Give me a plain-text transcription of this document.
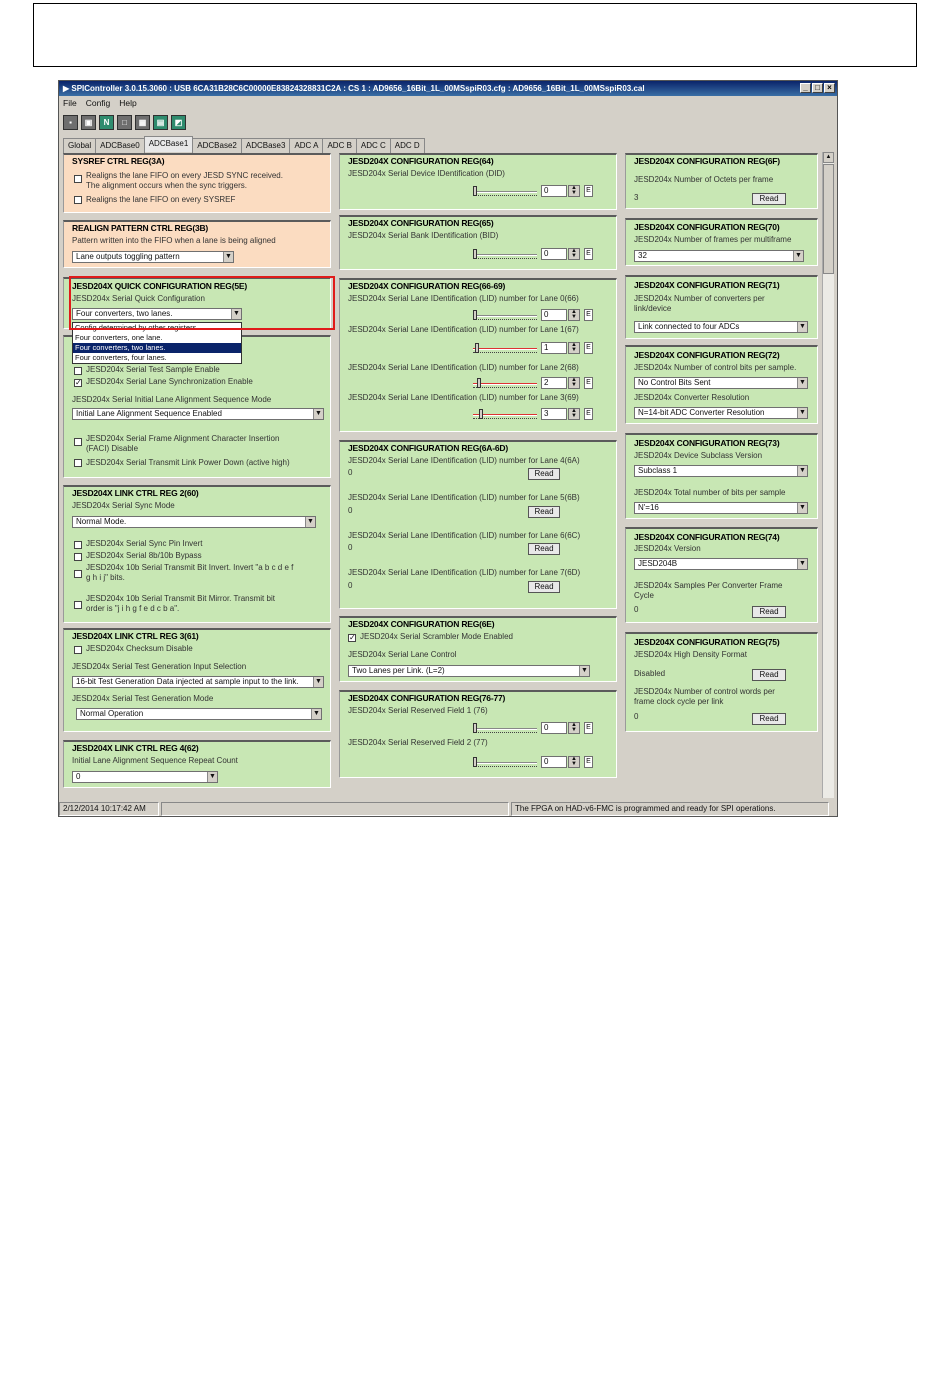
▶ SPIController 3.0.15.3060 : USB 6CA31B28C6C00000E83824328831C2A : CS 1 : AD9656_16Bit_1L_00MSspiR03.cfg : AD9656_16Bit_1L_00MSspiR03.cal	_ □ ×
File Config Help
▪	▣	N	□	▦	▤	◩
Global	ADCBase0	ADCBase1	ADCBase2	ADCBase3	ADC A	ADC B	ADC C	ADC D
SYSREF CTRL REG(3A)
Realigns the lane FIFO on every JESD SYNC received.
The alignment occurs when the sync triggers.
Realigns the lane FIFO on every SYSREF
REALIGN PATTERN CTRL REG(3B)
Pattern written into the FIFO when a lane is being aligned
Lane outputs toggling pattern	▼
JESD204X QUICK CONFIGURATION REG(5E)
JESD204x Serial Quick Configuration
Four converters, two lanes.	▼
JESD204x Serial Test Sample Enable
✓ JESD204x Serial Lane Synchronization Enable
JESD204x Serial Initial Lane Alignment Sequence Mode
Initial Lane Alignment Sequence Enabled	▼
JESD204x Serial Frame Alignment Character Insertion
(FACI) Disable
JESD204x Serial Transmit Link Power Down (active high)
JESD204X LINK CTRL REG 2(60)
JESD204x Serial Sync Mode
Normal Mode.	▼
JESD204x Serial Sync Pin Invert
JESD204x Serial 8b/10b Bypass
JESD204x 10b Serial Transmit Bit Invert. Invert "a b c d e f
g h i j" bits.
JESD204x 10b Serial Transmit Bit Mirror. Transmit bit
order is "j i h g f e d c b a".
JESD204X LINK CTRL REG 3(61)
JESD204x Checksum Disable
JESD204x Serial Test Generation Input Selection
16-bit Test Generation Data injected at sample input to the link. ▼
JESD204x Serial Test Generation Mode
Normal Operation	▼
JESD204X LINK CTRL REG 4(62)
Initial Lane Alignment Sequence Repeat Count
0	▼
JESD204X CONFIGURATION REG(64)
JESD204x Serial Device IDentification (DID)
0	▲
▼	E
JESD204X CONFIGURATION REG(65)
JESD204x Serial Bank IDentification (BID)
0	▲
▼	E
JESD204X CONFIGURATION REG(66-69)
JESD204x Serial Lane IDentification (LID) number for Lane 0(66)
0	▲
▼	E
JESD204x Serial Lane IDentification (LID) number for Lane 1(67)
1	▲
▼	E
JESD204x Serial Lane IDentification (LID) number for Lane 2(68)
2	▲
▼	E
JESD204x Serial Lane IDentification (LID) number for Lane 3(69)
3	▲
▼	E
JESD204X CONFIGURATION REG(6A-6D)
JESD204x Serial Lane IDentification (LID) number for Lane 4(6A)
0	Read
JESD204x Serial Lane IDentification (LID) number for Lane 5(6B)
0	Read
JESD204x Serial Lane IDentification (LID) number for Lane 6(6C)
0	Read
JESD204x Serial Lane IDentification (LID) number for Lane 7(6D)
0	Read
JESD204X CONFIGURATION REG(6E)
✓ JESD204x Serial Scrambler Mode Enabled
JESD204x Serial Lane Control
Two Lanes per Link. (L=2)	▼
JESD204X CONFIGURATION REG(76-77)
JESD204x Serial Reserved Field 1 (76)
0	▲
▼	E
JESD204x Serial Reserved Field 2 (77)
0	▲
▼	E
JESD204X CONFIGURATION REG(6F)
JESD204x Number of Octets per frame
3	Read
JESD204X CONFIGURATION REG(70)
JESD204x Number of frames per multiframe
32	▼
JESD204X CONFIGURATION REG(71)
JESD204x Number of converters per
link/device
Link connected to four ADCs	▼
JESD204X CONFIGURATION REG(72)
JESD204x Number of control bits per sample.
No Control Bits Sent	▼
JESD204x Converter Resolution
N=14-bit ADC Converter Resolution	▼
JESD204X CONFIGURATION REG(73)
JESD204x Device Subclass Version
Subclass 1	▼
JESD204x Total number of bits per sample
N'=16	▼
JESD204X CONFIGURATION REG(74)
JESD204x Version
JESD204B	▼
JESD204x Samples Per Converter Frame
Cycle
0	Read
JESD204X CONFIGURATION REG(75)
JESD204x High Density Format
Disabled	Read
JESD204x Number of control words per
frame clock cycle per link
0	Read
Config determined by other registers
Four converters, one lane.
Four converters, two lanes.
Four converters, four lanes.
▲
2/12/2014 10:17:42 AM	The FPGA on HAD-v6-FMC is programmed and ready for SPI operations.
